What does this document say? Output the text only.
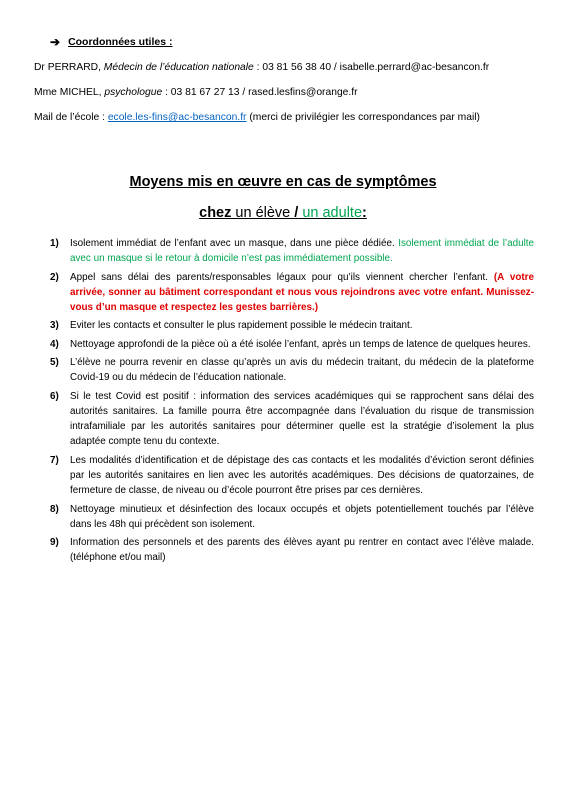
➔ Coordonnées utiles :
Dr PERRARD, Médecin de l’éducation nationale : 03 81 56 38 40 / isabelle.perrard@ac-besancon.fr
Mme MICHEL, psychologue : 03 81 67 27 13 / rased.lesfins@orange.fr
Mail de l’école : ecole.les-fins@ac-besancon.fr (merci de privilégier les correspondances par mail)
Moyens mis en œuvre en cas de symptômes
chez un élève / un adulte:
1)	Isolement immédiat de l’enfant avec un masque, dans une pièce dédiée. Isolement immédiat de l’adulte avec un masque si le retour à domicile n’est pas immédiatement possible.
2)	Appel sans délai des parents/responsables légaux pour qu’ils viennent chercher l’enfant. (A votre arrivée, sonner au bâtiment correspondant et nous vous rejoindrons avec votre enfant. Munissez-vous d’un masque et respectez les gestes barrières.)
3)	Eviter les contacts et consulter le plus rapidement possible le médecin traitant.
4)	Nettoyage approfondi de la pièce où a été isolée l’enfant, après un temps de latence de quelques heures.
5)	L’élève ne pourra revenir en classe qu’après un avis du médecin traitant, du médecin de la plateforme Covid-19 ou du médecin de l’éducation nationale.
6)	Si le test Covid est positif : information des services académiques qui se rapprochent sans délai des autorités sanitaires. La famille pourra être accompagnée dans l’évaluation du risque de transmission intrafamiliale par les autorités sanitaires pour déterminer quelle est la stratégie d’isolement la plus adaptée compte tenu du contexte.
7)	Les modalités d’identification et de dépistage des cas contacts et les modalités d’éviction seront définies par les autorités sanitaires en lien avec les autorités académiques. Des décisions de quatorzaines, de fermeture de classe, de niveau ou d’école pourront être prises par ces dernières.
8)	Nettoyage minutieux et désinfection des locaux occupés et objets potentiellement touchés par l’élève dans les 48h qui précèdent son isolement.
9)	Information des personnels et des parents des élèves ayant pu rentrer en contact avec l’élève malade. (téléphone et/ou mail)
